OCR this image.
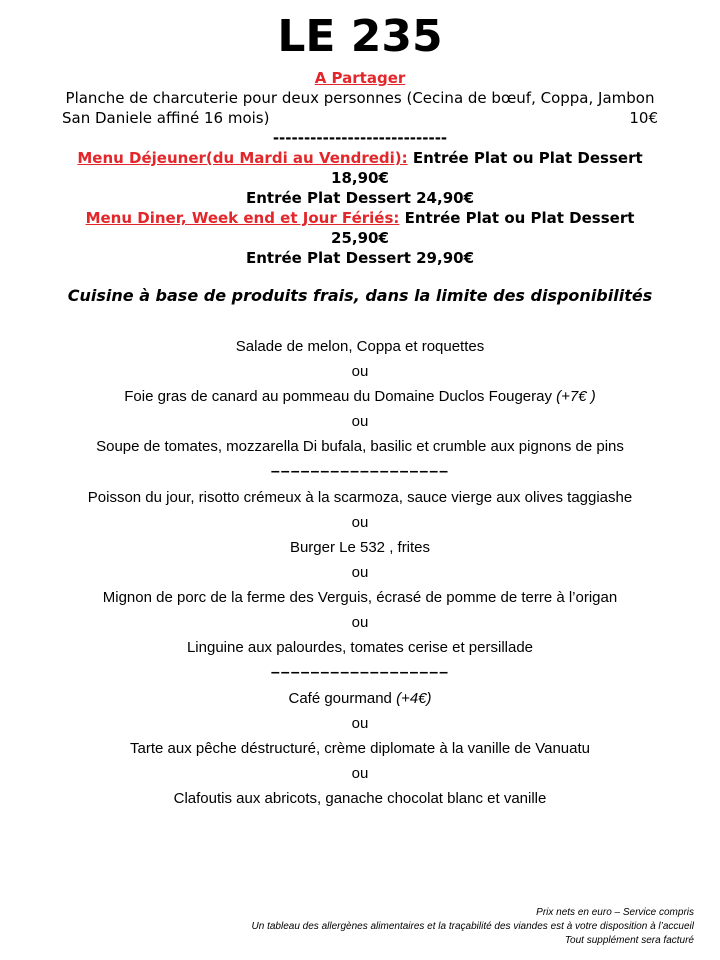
LE 235
A Partager
Planche de charcuterie pour deux personnes (Cecina de bœuf, Coppa, Jambon
San Daniele affiné 16 mois)	10€
----------------------------
Menu Déjeuner(du Mardi au Vendredi): Entrée Plat ou Plat Dessert 18,90€
Entrée Plat Dessert 24,90€
Menu Diner, Week end et Jour Fériés: Entrée Plat ou Plat Dessert 25,90€
Entrée Plat Dessert 29,90€
Cuisine à base de produits frais, dans la limite des disponibilités

Salade de melon, Coppa et roquettes

ou

Foie gras de canard au pommeau du Domaine Duclos Fougeray (+7€ )

ou

Soupe de tomates, mozzarella Di bufala, basilic et crumble aux pignons de pins

––––––––––––––––––

Poisson du jour, risotto crémeux à la scarmoza, sauce vierge aux olives taggiashe

ou

Burger Le 532 , frites

ou

Mignon de porc de la ferme des Verguis, écrasé de pomme de terre à l’origan

ou

Linguine aux palourdes, tomates cerise et persillade

––––––––––––––––––

Café gourmand (+4€)

ou

Tarte aux pêche déstructuré, crème diplomate à la vanille de Vanuatu

ou

Clafoutis aux abricots, ganache chocolat blanc et vanille

Prix nets en euro – Service compris
Un tableau des allergènes alimentaires et la traçabilité des viandes est à votre disposition à l’accueil
Tout supplément sera facturé
